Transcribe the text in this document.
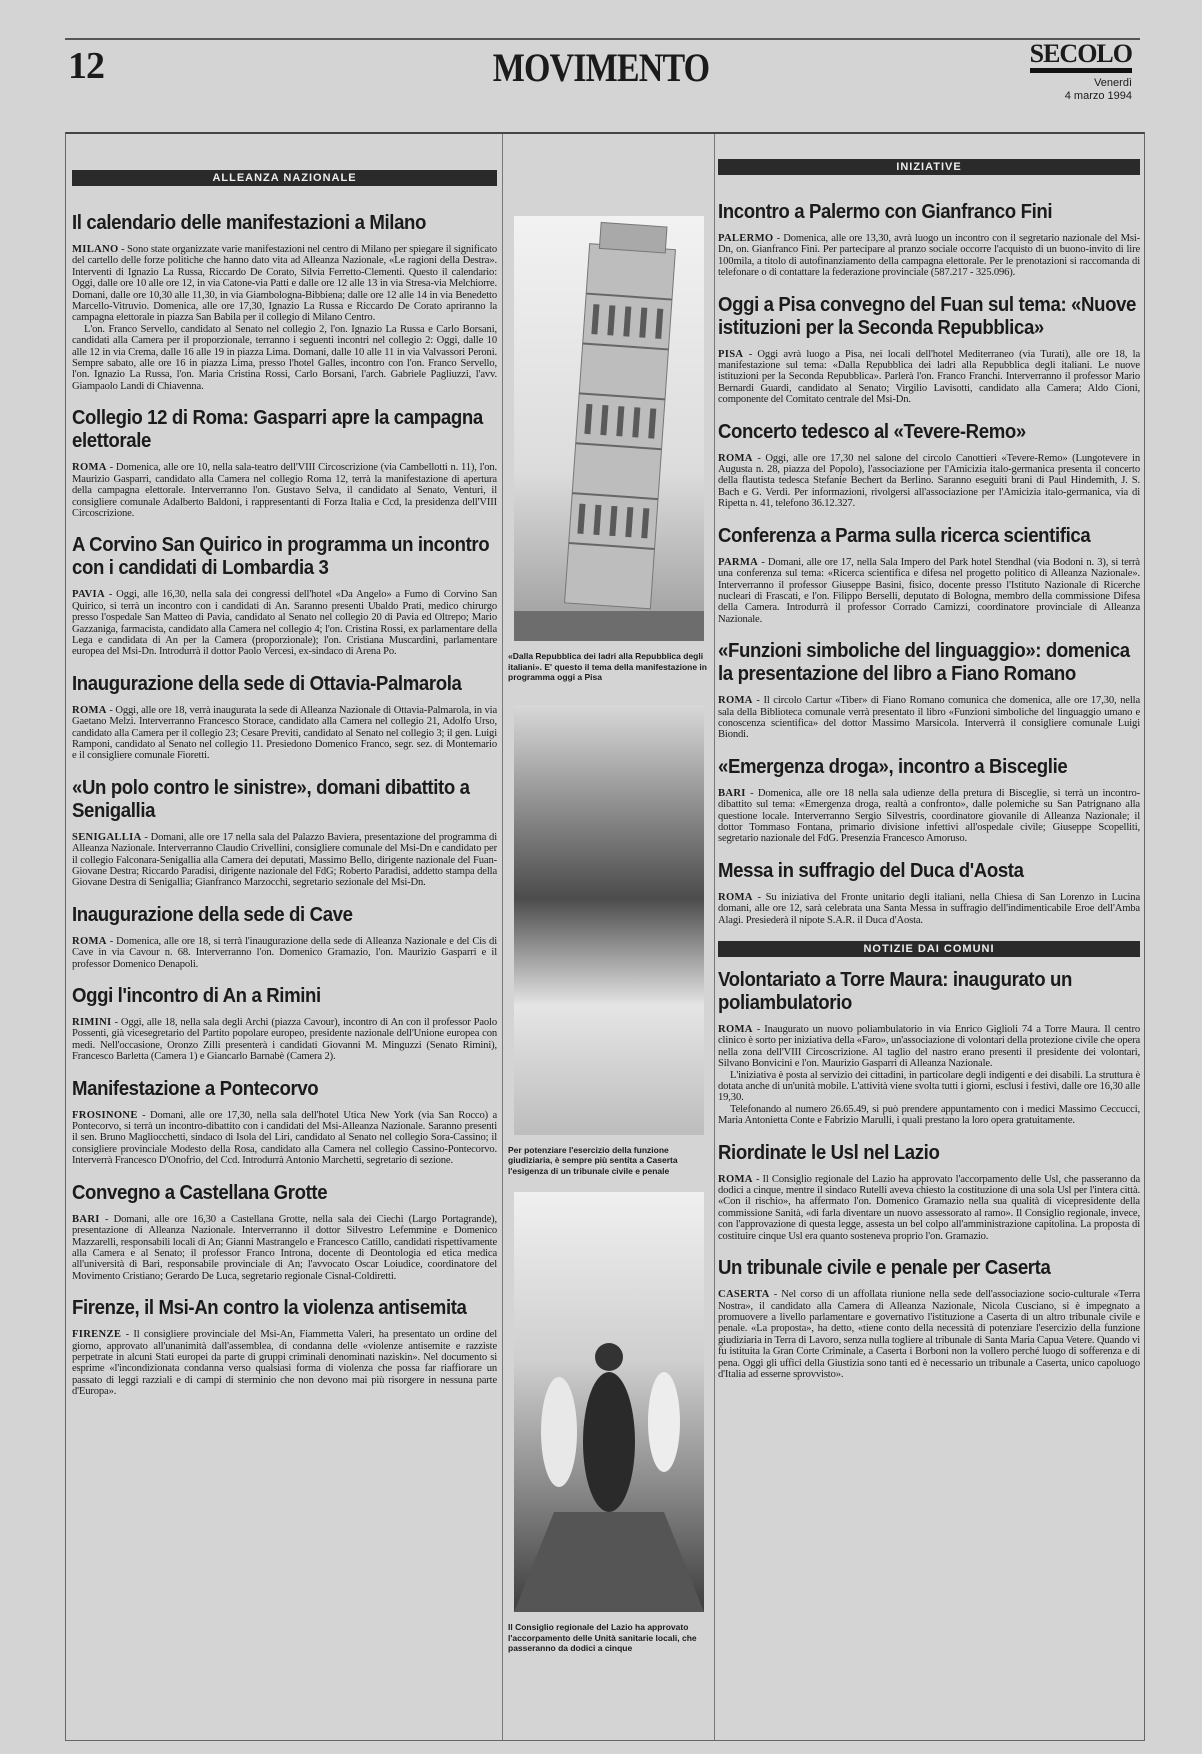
12	MOVIMENTO	SECOLO
Venerdì
4 marzo 1994
ALLEANZA NAZIONALE
Il calendario delle manifestazioni a Milano

MILANO - Sono state organizzate varie manifestazioni nel centro di Milano per spiegare il significato del cartello delle forze politiche che hanno dato vita ad Alleanza Nazionale, «Le ragioni della Destra». Interventi di Ignazio La Russa, Riccardo De Corato, Silvia Ferretto-Clementi. Questo il calendario: Oggi, dalle ore 10 alle ore 12, in via Catone-via Patti e dalle ore 12 alle 13 in via Stresa-via Melchiorre. Domani, dalle ore 10,30 alle 11,30, in via Giambologna-Bibbiena; dalle ore 12 alle 14 in via Benedetto Marcello-Vitruvio. Domenica, alle ore 17,30, Ignazio La Russa e Riccardo De Corato apriranno la campagna elettorale in piazza San Babila per il collegio di Milano Centro.

L'on. Franco Servello, candidato al Senato nel collegio 2, l'on. Ignazio La Russa e Carlo Borsani, candidati alla Camera per il proporzionale, terranno i seguenti incontri nel collegio 2: Oggi, dalle 10 alle 12 in via Crema, dalle 16 alle 19 in piazza Lima. Domani, dalle 10 alle 11 in via Valvassori Peroni. Sempre sabato, alle ore 16 in piazza Lima, presso l'hotel Galles, incontro con l'on. Franco Servello, l'on. Ignazio La Russa, l'on. Maria Cristina Rossi, Carlo Borsani, l'arch. Gabriele Pagliuzzi, l'avv. Giampaolo Landi di Chiavenna.

Collegio 12 di Roma: Gasparri apre la campagna elettorale

ROMA - Domenica, alle ore 10, nella sala-teatro dell'VIII Circoscrizione (via Cambellotti n. 11), l'on. Maurizio Gasparri, candidato alla Camera nel collegio Roma 12, terrà la manifestazione di apertura della campagna elettorale. Interverranno l'on. Gustavo Selva, il candidato al Senato, Venturi, il consigliere comunale Adalberto Baldoni, i rappresentanti di Forza Italia e Ccd, la presidenza dell'VIII Circoscrizione.

A Corvino San Quirico in programma un incontro con i candidati di Lombardia 3

PAVIA - Oggi, alle 16,30, nella sala dei congressi dell'hotel «Da Angelo» a Fumo di Corvino San Quirico, si terrà un incontro con i candidati di An. Saranno presenti Ubaldo Prati, medico chirurgo presso l'ospedale San Matteo di Pavia, candidato al Senato nel collegio 20 di Pavia ed Oltrepo; Mario Gazzaniga, farmacista, candidato alla Camera nel collegio 4; l'on. Cristina Rossi, ex parlamentare della Lega e candidata di An per la Camera (proporzionale); l'on. Cristiana Muscardini, parlamentare europea del Msi-Dn. Introdurrà il dottor Paolo Vercesi, ex-sindaco di Arena Po.

Inaugurazione della sede di Ottavia-Palmarola

ROMA - Oggi, alle ore 18, verrà inaugurata la sede di Alleanza Nazionale di Ottavia-Palmarola, in via Gaetano Melzi. Interverranno Francesco Storace, candidato alla Camera nel collegio 21, Adolfo Urso, candidato alla Camera per il collegio 23; Cesare Previti, candidato al Senato nel collegio 3; il gen. Luigi Ramponi, candidato al Senato nel collegio 11. Presiedono Domenico Franco, segr. sez. di Montemario e il consigliere comunale Fioretti.

«Un polo contro le sinistre», domani dibattito a Senigallia

SENIGALLIA - Domani, alle ore 17 nella sala del Palazzo Baviera, presentazione del programma di Alleanza Nazionale. Interverranno Claudio Crivellini, consigliere comunale del Msi-Dn e candidato per il collegio Falconara-Senigallia alla Camera dei deputati, Massimo Bello, dirigente nazionale del Fuan-Giovane Destra; Riccardo Paradisi, dirigente nazionale del FdG; Roberto Paradisi, addetto stampa della Giovane Destra di Senigallia; Gianfranco Marzocchi, segretario sezionale del Msi-Dn.

Inaugurazione della sede di Cave

ROMA - Domenica, alle ore 18, si terrà l'inaugurazione della sede di Alleanza Nazionale e del Cis di Cave in via Cavour n. 68. Interverranno l'on. Domenico Gramazio, l'on. Maurizio Gasparri e il professor Domenico Denapoli.

Oggi l'incontro di An a Rimini

RIMINI - Oggi, alle 18, nella sala degli Archi (piazza Cavour), incontro di An con il professor Paolo Possenti, già vicesegretario del Partito popolare europeo, presidente nazionale dell'Unione europea con medi. Nell'occasione, Oronzo Zilli presenterà i candidati Giovanni M. Minguzzi (Senato Rimini), Francesco Barletta (Camera 1) e Giancarlo Barnabè (Camera 2).

Manifestazione a Pontecorvo

FROSINONE - Domani, alle ore 17,30, nella sala dell'hotel Utica New York (via San Rocco) a Pontecorvo, si terrà un incontro-dibattito con i candidati del Msi-Alleanza Nazionale. Saranno presenti il sen. Bruno Magliocchetti, sindaco di Isola del Liri, candidato al Senato nel collegio Sora-Cassino; il consigliere provinciale Modesto della Rosa, candidato alla Camera nel collegio Cassino-Pontecorvo. Interverrà Francesco D'Onofrio, del Ccd. Introdurrà Antonio Marchetti, segretario di sezione.

Convegno a Castellana Grotte

BARI - Domani, alle ore 16,30 a Castellana Grotte, nella sala dei Ciechi (Largo Portagrande), presentazione di Alleanza Nazionale. Interverranno il dottor Silvestro Lefemmine e Domenico Mazzarelli, responsabili locali di An; Gianni Mastrangelo e Francesco Catillo, candidati rispettivamente alla Camera e al Senato; il professor Franco Introna, docente di Deontologia ed etica medica all'università di Bari, responsabile provinciale di An; l'avvocato Oscar Loiudice, coordinatore del Movimento Cristiano; Gerardo De Luca, segretario regionale Cisnal-Coldiretti.

Firenze, il Msi-An contro la violenza antisemita

FIRENZE - Il consigliere provinciale del Msi-An, Fiammetta Valeri, ha presentato un ordine del giorno, approvato all'unanimità dall'assemblea, di condanna delle «violenze antisemite e razziste perpetrate in alcuni Stati europei da parte di gruppi criminali denominati naziskin». Nel documento si esprime «l'incondizionata condanna verso qualsiasi forma di violenza che possa far riaffiorare un passato di leggi razziali e di campi di sterminio che non devono mai più risorgere in nessuna parte d'Europa».

«Dalla Repubblica dei ladri alla Repubblica degli italiani». E' questo il tema della manifestazione in programma oggi a Pisa
Per potenziare l'esercizio della funzione giudiziaria, è sempre più sentita a Caserta l'esigenza di un tribunale civile e penale
Il Consiglio regionale del Lazio ha approvato l'accorpamento delle Unità sanitarie locali, che passeranno da dodici a cinque
INIZIATIVE
Incontro a Palermo con Gianfranco Fini

PALERMO - Domenica, alle ore 13,30, avrà luogo un incontro con il segretario nazionale del Msi-Dn, on. Gianfranco Fini. Per partecipare al pranzo sociale occorre l'acquisto di un buono-invito di lire 100mila, a titolo di autofinanziamento della campagna elettorale. Per le prenotazioni si raccomanda di telefonare o di contattare la federazione provinciale (587.217 - 325.096).

Oggi a Pisa convegno del Fuan sul tema: «Nuove istituzioni per la Seconda Repubblica»

PISA - Oggi avrà luogo a Pisa, nei locali dell'hotel Mediterraneo (via Turati), alle ore 18, la manifestazione sul tema: «Dalla Repubblica dei ladri alla Repubblica degli italiani. Le nuove istituzioni per la Seconda Repubblica». Parlerà l'on. Franco Franchi. Interverranno il professor Mario Bernardi Guardi, candidato al Senato; Virgilio Lavisotti, candidato alla Camera; Aldo Cioni, componente del Comitato centrale del Msi-Dn.

Concerto tedesco al «Tevere-Remo»

ROMA - Oggi, alle ore 17,30 nel salone del circolo Canottieri «Tevere-Remo» (Lungotevere in Augusta n. 28, piazza del Popolo), l'associazione per l'Amicizia italo-germanica presenta il concerto della flautista tedesca Stefanie Bechert da Berlino. Saranno eseguiti brani di Paul Hindemith, J. S. Bach e G. Verdi. Per informazioni, rivolgersi all'associazione per l'Amicizia italo-germanica, via di Ripetta n. 41, telefono 36.12.327.

Conferenza a Parma sulla ricerca scientifica

PARMA - Domani, alle ore 17, nella Sala Impero del Park hotel Stendhal (via Bodoni n. 3), si terrà una conferenza sul tema: «Ricerca scientifica e difesa nel progetto politico di Alleanza Nazionale». Interverranno il professor Giuseppe Basini, fisico, docente presso l'Istituto Nazionale di Ricerche nucleari di Frascati, e l'on. Filippo Berselli, deputato di Bologna, membro della commissione Difesa della Camera. Introdurrà il professor Corrado Camizzi, coordinatore provinciale di Alleanza Nazionale.

«Funzioni simboliche del linguaggio»: domenica la presentazione del libro a Fiano Romano

ROMA - Il circolo Cartur «Tiber» di Fiano Romano comunica che domenica, alle ore 17,30, nella sala della Biblioteca comunale verrà presentato il libro «Funzioni simboliche del linguaggio umano e conoscenza scientifica» del dottor Massimo Marsicola. Interverrà il consigliere comunale Luigi Biondi.

«Emergenza droga», incontro a Bisceglie

BARI - Domenica, alle ore 18 nella sala udienze della pretura di Bisceglie, si terrà un incontro-dibattito sul tema: «Emergenza droga, realtà a confronto», dalle polemiche su San Patrignano alla questione locale. Interverranno Sergio Silvestris, coordinatore giovanile di Alleanza Nazionale; il dottor Tommaso Fontana, primario divisione infettivi all'ospedale civile; Giuseppe Scopelliti, segretario nazionale del FdG. Presenzia Francesco Amoruso.

Messa in suffragio del Duca d'Aosta

ROMA - Su iniziativa del Fronte unitario degli italiani, nella Chiesa di San Lorenzo in Lucina domani, alle ore 12, sarà celebrata una Santa Messa in suffragio dell'indimenticabile Eroe dell'Amba Alagi. Presiederà il nipote S.A.R. il Duca d'Aosta.

NOTIZIE DAI COMUNI
Volontariato a Torre Maura: inaugurato un poliambulatorio

ROMA - Inaugurato un nuovo poliambulatorio in via Enrico Giglioli 74 a Torre Maura. Il centro clinico è sorto per iniziativa della «Faro», un'associazione di volontari della protezione civile che opera nella zona dell'VIII Circoscrizione. Al taglio del nastro erano presenti il presidente dei volontari, Silvano Bonvicini e l'on. Maurizio Gasparri di Alleanza Nazionale.

L'iniziativa è posta al servizio dei cittadini, in particolare degli indigenti e dei disabili. La struttura è dotata anche di un'unità mobile. L'attività viene svolta tutti i giorni, esclusi i festivi, dalle ore 16,30 alle 19,30.

Telefonando al numero 26.65.49, si può prendere appuntamento con i medici Massimo Ceccucci, Maria Antonietta Conte e Fabrizio Marulli, i quali prestano la loro opera gratuitamente.

Riordinate le Usl nel Lazio

ROMA - Il Consiglio regionale del Lazio ha approvato l'accorpamento delle Usl, che passeranno da dodici a cinque, mentre il sindaco Rutelli aveva chiesto la costituzione di una sola Usl per l'intera città. «Con il rischio», ha affermato l'on. Domenico Gramazio nella sua qualità di vicepresidente della commissione Sanità, «di farla diventare un nuovo assessorato al ramo». Il Consiglio regionale, invece, con l'approvazione di questa legge, assesta un bel colpo all'amministrazione capitolina. La proposta di costituire cinque Usl era quanto sosteneva proprio l'on. Gramazio.

Un tribunale civile e penale per Caserta

CASERTA - Nel corso di un affollata riunione nella sede dell'associazione socio-culturale «Terra Nostra», il candidato alla Camera di Alleanza Nazionale, Nicola Cusciano, si è impegnato a promuovere a livello parlamentare e governativo l'istituzione a Caserta di un altro tribunale civile e penale. «La proposta», ha detto, «tiene conto della necessità di potenziare l'esercizio della funzione giudiziaria in Terra di Lavoro, senza nulla togliere al tribunale di Santa Maria Capua Vetere. Quando vi fu istituita la Gran Corte Criminale, a Caserta i Borboni non la vollero perché luogo di sofferenza e di pena. Oggi gli uffici della Giustizia sono tanti ed è necessario un tribunale a Caserta, unico capoluogo d'Italia ad esserne sprovvisto».
